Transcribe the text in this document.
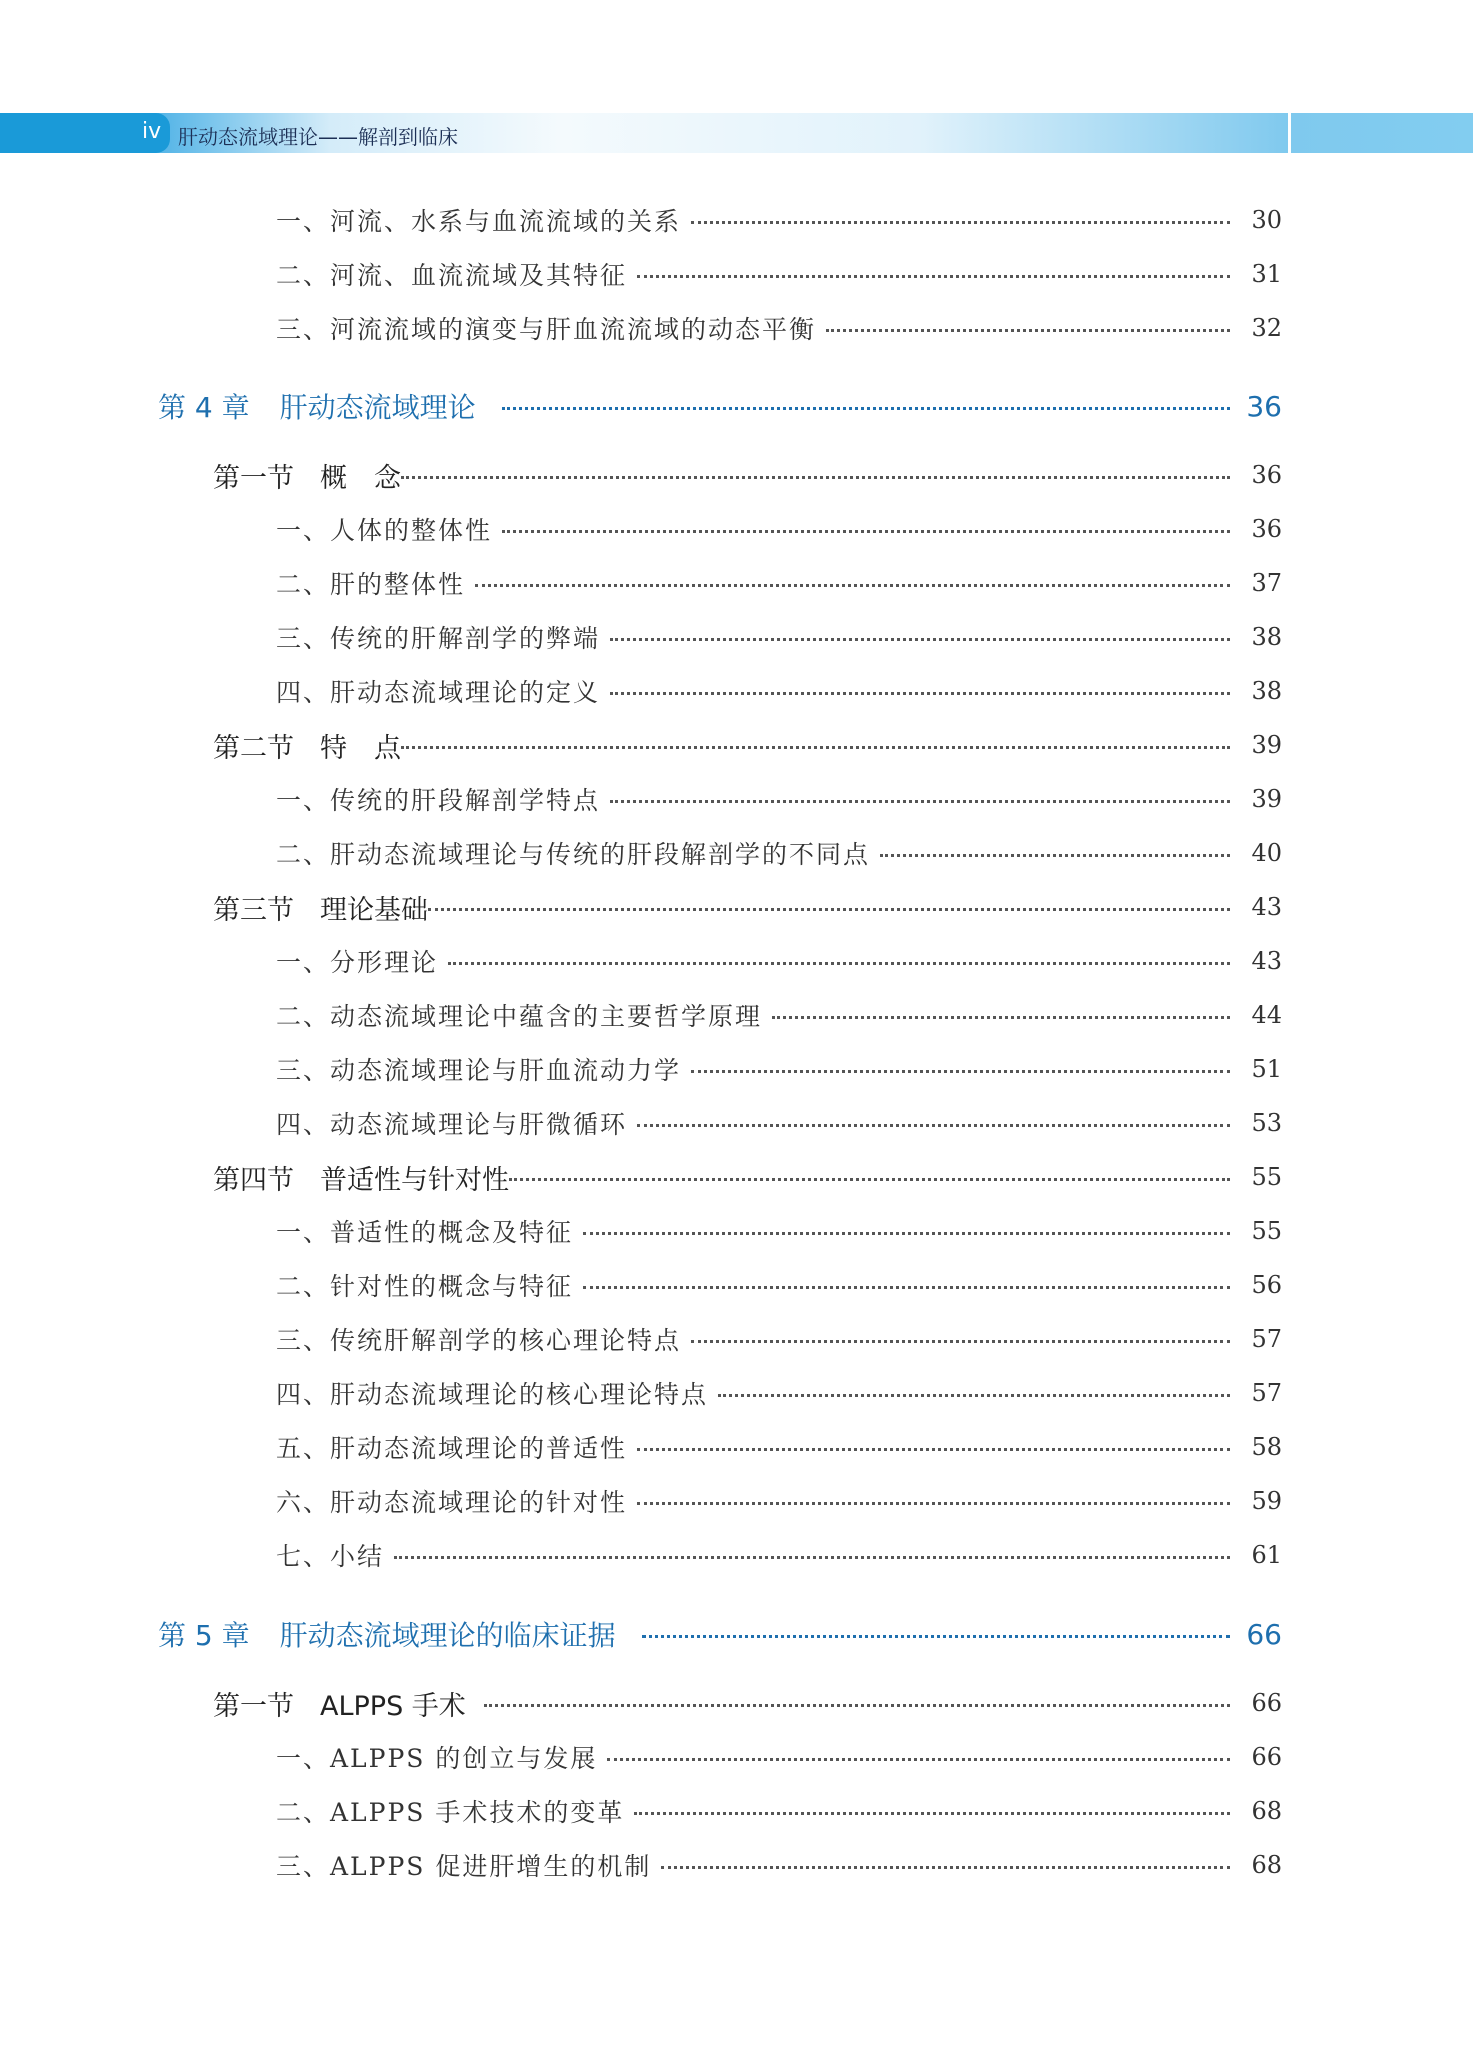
iv 肝动态流域理论——解剖到临床
一、河流、水系与血流流域的关系	30
二、河流、血流流域及其特征	31
三、河流流域的演变与肝血流流域的动态平衡	32
第 4 章 肝动态流域理论	36
第一节 概　念	36
一、人体的整体性	36
二、肝的整体性	37
三、传统的肝解剖学的弊端	38
四、肝动态流域理论的定义	38
第二节 特　点	39
一、传统的肝段解剖学特点	39
二、肝动态流域理论与传统的肝段解剖学的不同点	40
第三节 理论基础	43
一、分形理论	43
二、动态流域理论中蕴含的主要哲学原理	44
三、动态流域理论与肝血流动力学	51
四、动态流域理论与肝微循环	53
第四节 普适性与针对性	55
一、普适性的概念及特征	55
二、针对性的概念与特征	56
三、传统肝解剖学的核心理论特点	57
四、肝动态流域理论的核心理论特点	57
五、肝动态流域理论的普适性	58
六、肝动态流域理论的针对性	59
七、小结	61
第 5 章 肝动态流域理论的临床证据	66
第一节 ALPPS 手术	66
一、ALPPS 的创立与发展	66
二、ALPPS 手术技术的变革	68
三、ALPPS 促进肝增生的机制	68
